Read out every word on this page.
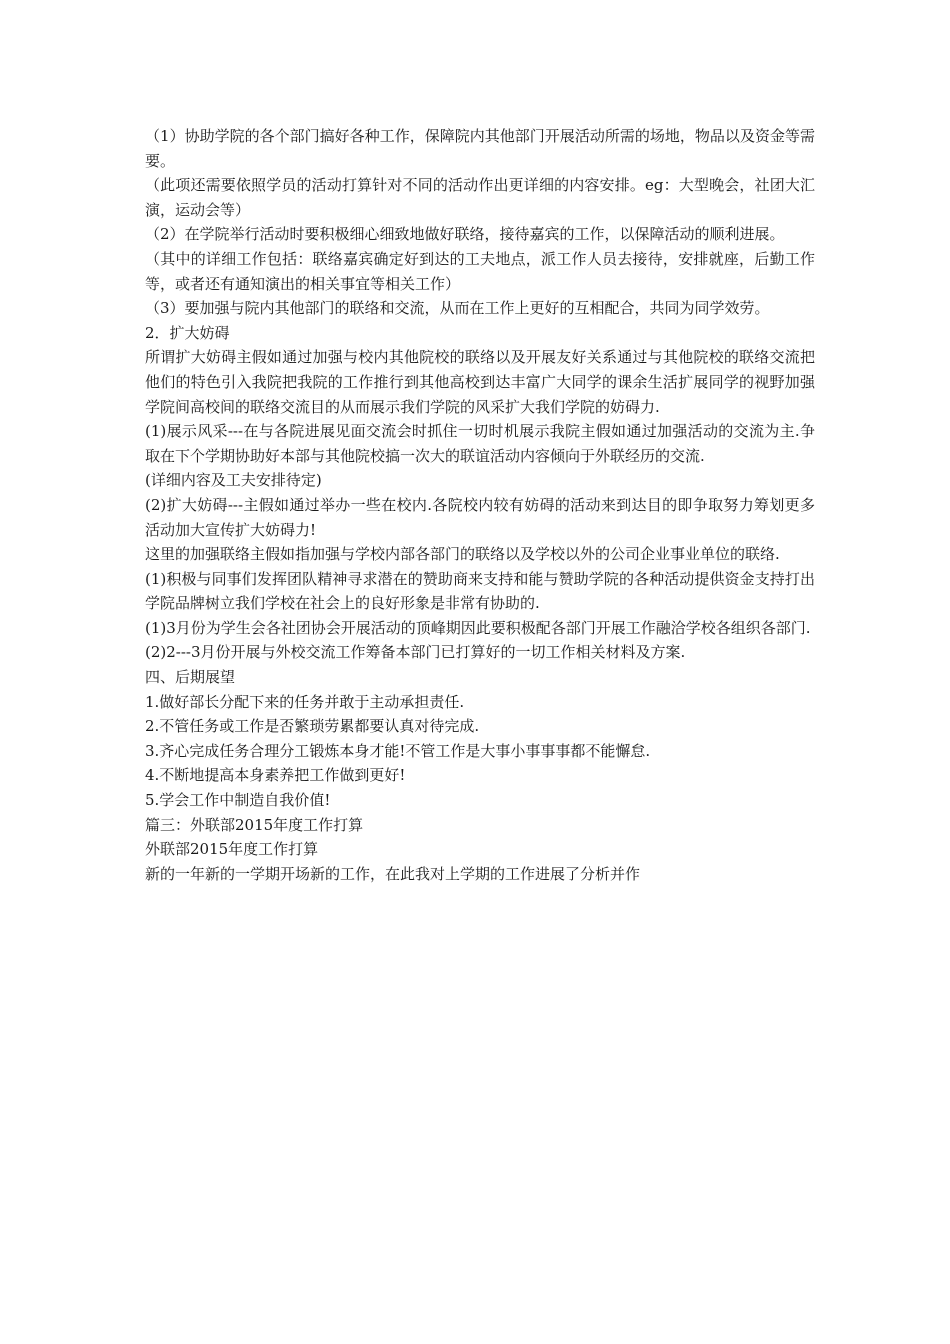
（1）协助学院的各个部门搞好各种工作，保障院内其他部门开展活动所需的场地，物品以及资金等需要。

（此项还需要依照学员的活动打算针对不同的活动作出更详细的内容安排。eg：大型晚会，社团大汇演，运动会等）

（2）在学院举行活动时要积极细心细致地做好联络，接待嘉宾的工作，以保障活动的顺利进展。

（其中的详细工作包括：联络嘉宾确定好到达的工夫地点，派工作人员去接待，安排就座，后勤工作等，或者还有通知演出的相关事宜等相关工作）

（3）要加强与院内其他部门的联络和交流，从而在工作上更好的互相配合，共同为同学效劳。

2．扩大妨碍

所谓扩大妨碍主假如通过加强与校内其他院校的联络以及开展友好关系通过与其他院校的联络交流把他们的特色引入我院把我院的工作推行到其他高校到达丰富广大同学的课余生活扩展同学的视野加强学院间高校间的联络交流目的从而展示我们学院的风采扩大我们学院的妨碍力.

(1)展示风采---在与各院进展见面交流会时抓住一切时机展示我院主假如通过加强活动的交流为主.争取在下个学期协助好本部与其他院校搞一次大的联谊活动内容倾向于外联经历的交流.

(详细内容及工夫安排待定)

(2)扩大妨碍---主假如通过举办一些在校内.各院校内较有妨碍的活动来到达目的即争取努力筹划更多活动加大宣传扩大妨碍力!

这里的加强联络主假如指加强与学校内部各部门的联络以及学校以外的公司企业事业单位的联络.

(1)积极与同事们发挥团队精神寻求潜在的赞助商来支持和能与赞助学院的各种活动提供资金支持打出学院品牌树立我们学校在社会上的良好形象是非常有协助的.

(1)3月份为学生会各社团协会开展活动的顶峰期因此要积极配各部门开展工作融洽学校各组织各部门.

(2)2---3月份开展与外校交流工作筹备本部门已打算好的一切工作相关材料及方案.

四、后期展望

1.做好部长分配下来的任务并敢于主动承担责任.

2.不管任务或工作是否繁琐劳累都要认真对待完成.

3.齐心完成任务合理分工锻炼本身才能!不管工作是大事小事事事都不能懈怠.

4.不断地提高本身素养把工作做到更好!

5.学会工作中制造自我价值!

篇三：外联部2015年度工作打算

外联部2015年度工作打算

新的一年新的一学期开场新的工作，在此我对上学期的工作进展了分析并作
